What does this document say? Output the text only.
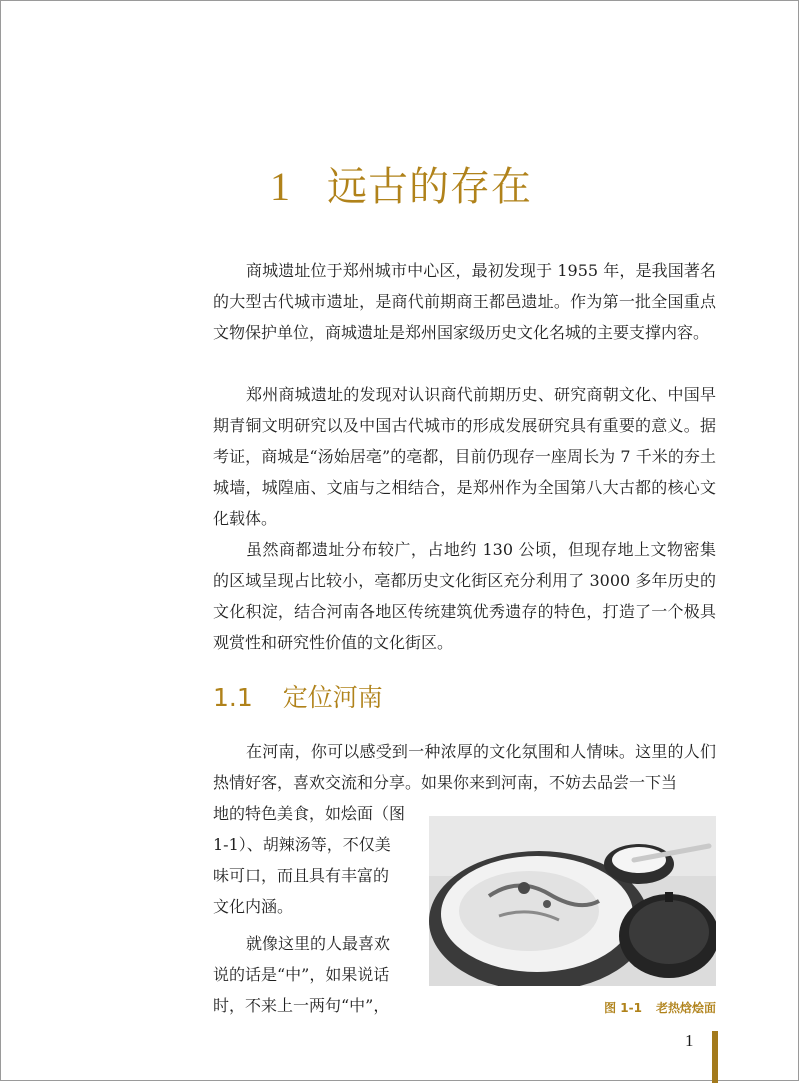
1 远古的存在

商城遗址位于郑州城市中心区，最初发现于 1955 年，是我国著名的大型古代城市遗址，是商代前期商王都邑遗址。作为第一批全国重点文物保护单位，商城遗址是郑州国家级历史文化名城的主要支撑内容。

郑州商城遗址的发现对认识商代前期历史、研究商朝文化、中国早期青铜文明研究以及中国古代城市的形成发展研究具有重要的意义。据考证，商城是“汤始居亳”的亳都，目前仍现存一座周长为 7 千米的夯土城墙，城隍庙、文庙与之相结合，是郑州作为全国第八大古都的核心文化载体。

虽然商都遗址分布较广，占地约 130 公顷，但现存地上文物密集的区域呈现占比较小，亳都历史文化街区充分利用了 3000 多年历史的文化积淀，结合河南各地区传统建筑优秀遗存的特色，打造了一个极具观赏性和研究性价值的文化街区。

1.1 定位河南

在河南，你可以感受到一种浓厚的文化氛围和人情味。这里的人们热情好客，喜欢交流和分享。如果你来到河南，不妨去品尝一下当

地的特色美食，如烩面（图
1-1）、胡辣汤等，不仅美
味可口，而且具有丰富的
文化内涵。
就像这里的人最喜欢
说的话是“中”，如果说话
时，不来上一两句“中”，	图 1-1 老热焓烩面
1
